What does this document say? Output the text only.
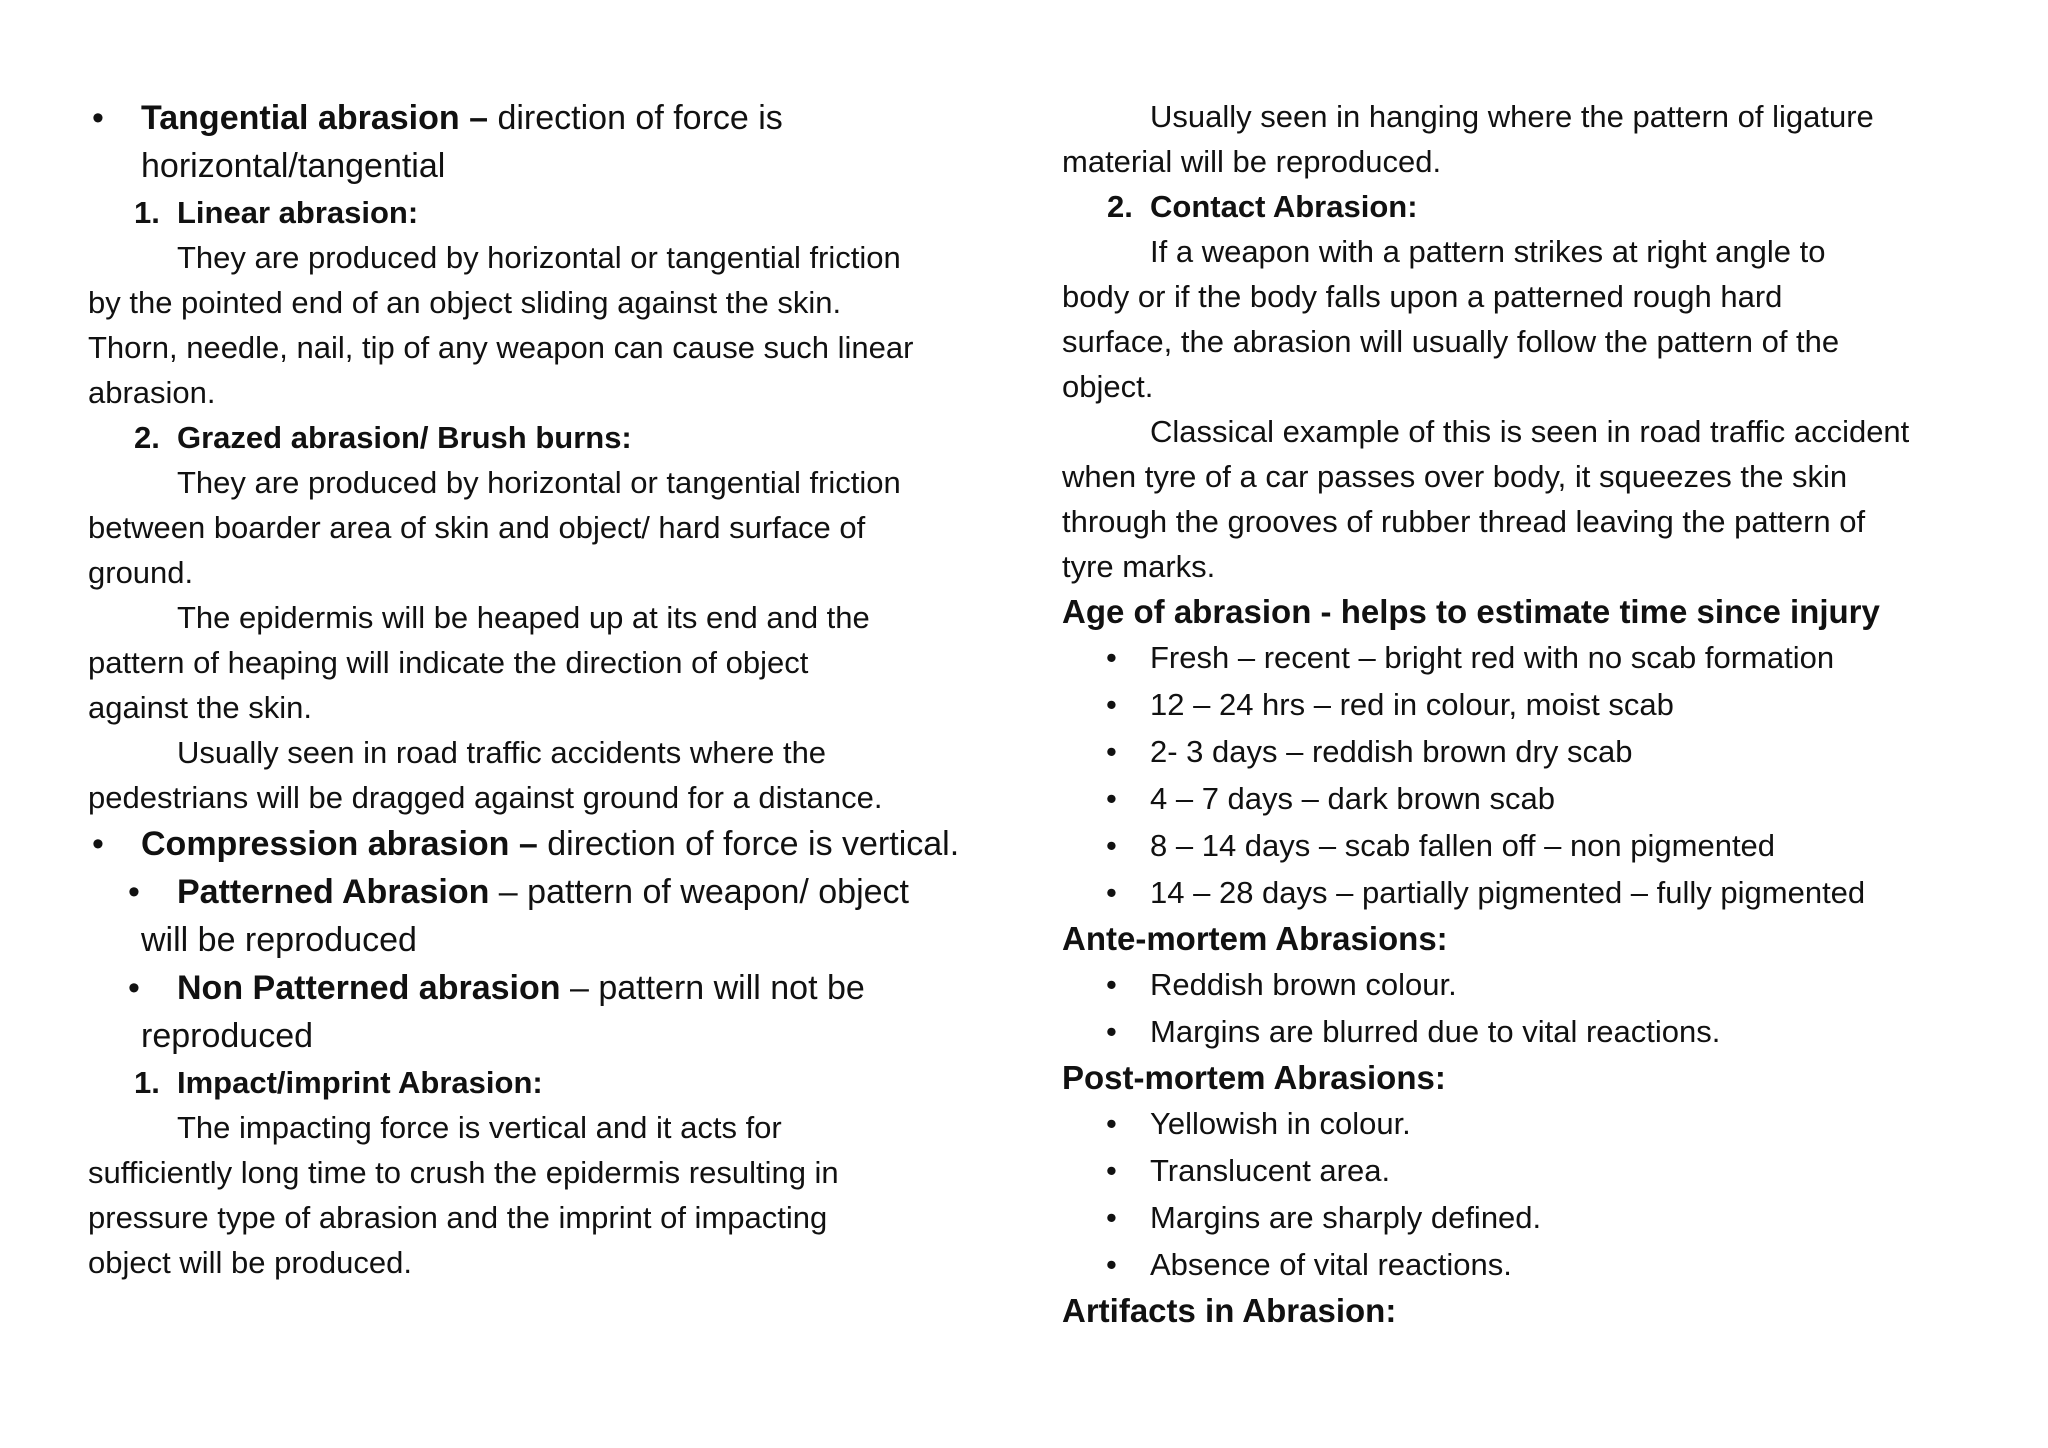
• Tangential abrasion – direction of force is
horizontal/tangential
1. Linear abrasion:
They are produced by horizontal or tangential friction
by the pointed end of an object sliding against the skin.
Thorn, needle, nail, tip of any weapon can cause such linear
abrasion.
2. Grazed abrasion/ Brush burns:
They are produced by horizontal or tangential friction
between boarder area of skin and object/ hard surface of
ground.
The epidermis will be heaped up at its end and the
pattern of heaping will indicate the direction of object
against the skin.
Usually seen in road traffic accidents where the
pedestrians will be dragged against ground for a distance.
• Compression abrasion – direction of force is vertical.
• Patterned Abrasion – pattern of weapon/ object
will be reproduced
• Non Patterned abrasion – pattern will not be
reproduced
1. Impact/imprint Abrasion:
The impacting force is vertical and it acts for
sufficiently long time to crush the epidermis resulting in
pressure type of abrasion and the imprint of impacting
object will be produced.
Usually seen in hanging where the pattern of ligature
material will be reproduced.
2. Contact Abrasion:
If a weapon with a pattern strikes at right angle to
body or if the body falls upon a patterned rough hard
surface, the abrasion will usually follow the pattern of the
object.
Classical example of this is seen in road traffic accident
when tyre of a car passes over body, it squeezes the skin
through the grooves of rubber thread leaving the pattern of
tyre marks.
Age of abrasion - helps to estimate time since injury
• Fresh – recent – bright red with no scab formation
• 12 – 24 hrs – red in colour, moist scab
• 2- 3 days – reddish brown dry scab
• 4 – 7 days – dark brown scab
• 8 – 14 days – scab fallen off – non pigmented
• 14 – 28 days – partially pigmented – fully pigmented
Ante-mortem Abrasions:
• Reddish brown colour.
• Margins are blurred due to vital reactions.
Post-mortem Abrasions:
• Yellowish in colour.
• Translucent area.
• Margins are sharply defined.
• Absence of vital reactions.
Artifacts in Abrasion:
